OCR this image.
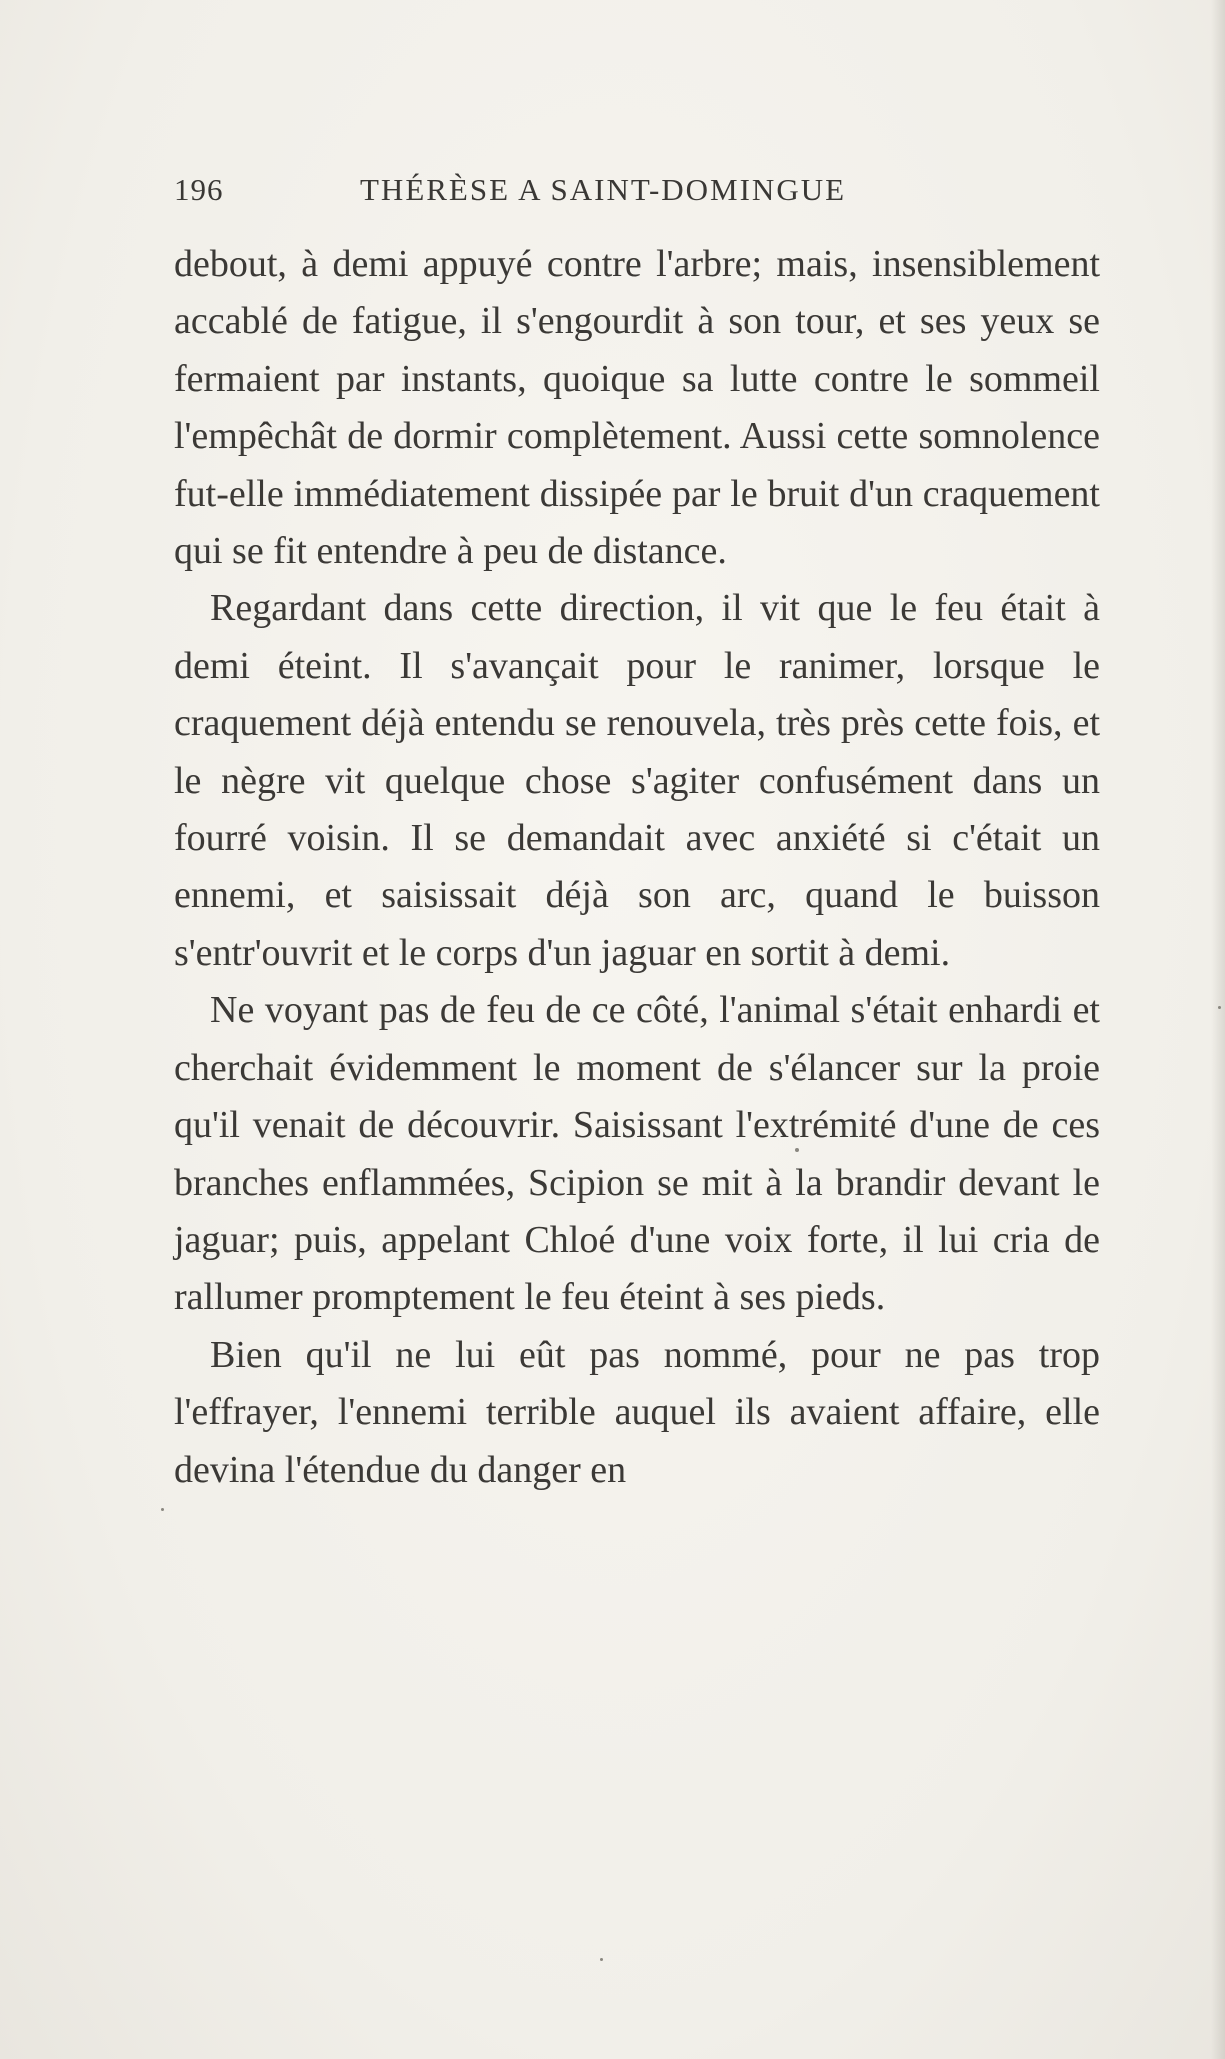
196	THÉRÈSE A SAINT-DOMINGUE

debout, à demi appuyé contre l'arbre; mais, insensiblement accablé de fatigue, il s'engourdit à son tour, et ses yeux se fermaient par instants, quoique sa lutte contre le sommeil l'empêchât de dormir complètement. Aussi cette somnolence fut-elle immédiatement dissipée par le bruit d'un craquement qui se fit entendre à peu de distance.

Regardant dans cette direction, il vit que le feu était à demi éteint. Il s'avançait pour le ranimer, lorsque le craquement déjà entendu se renouvela, très près cette fois, et le nègre vit quelque chose s'agiter confusément dans un fourré voisin. Il se demandait avec anxiété si c'était un ennemi, et saisissait déjà son arc, quand le buisson s'entr'ouvrit et le corps d'un jaguar en sortit à demi.

Ne voyant pas de feu de ce côté, l'animal s'était enhardi et cherchait évidemment le moment de s'élancer sur la proie qu'il venait de découvrir. Saisissant l'extrémité d'une de ces branches enflammées, Scipion se mit à la brandir devant le jaguar; puis, appelant Chloé d'une voix forte, il lui cria de rallumer promptement le feu éteint à ses pieds.

Bien qu'il ne lui eût pas nommé, pour ne pas trop l'effrayer, l'ennemi terrible auquel ils avaient affaire, elle devina l'étendue du danger en
